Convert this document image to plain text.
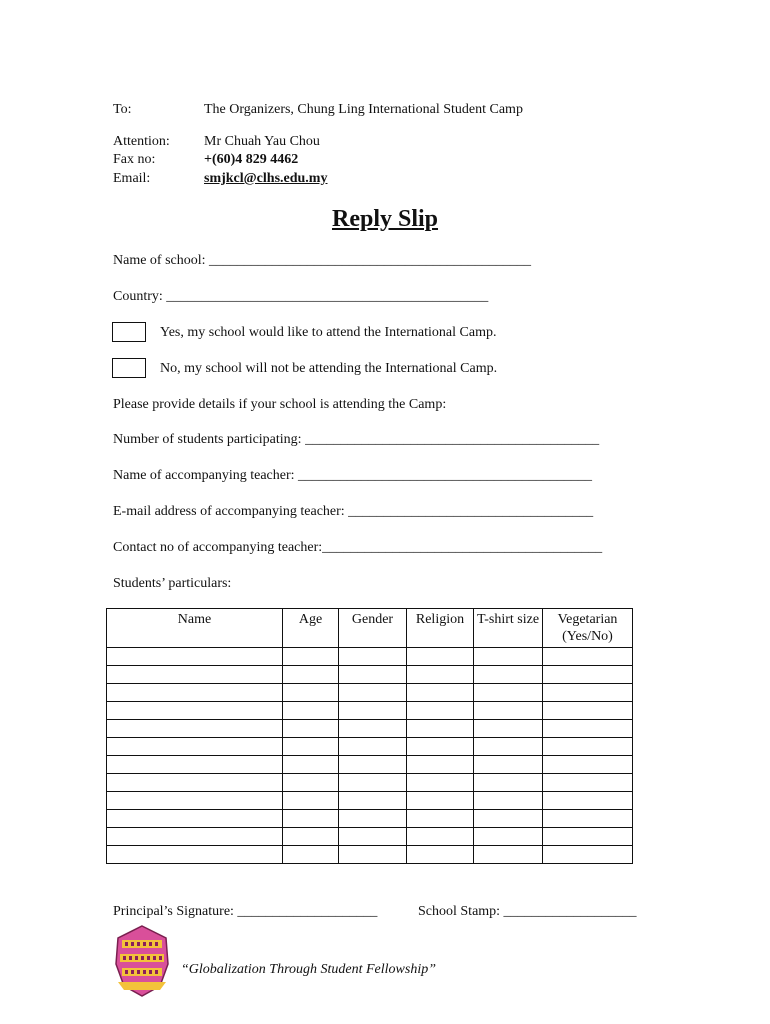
To:	The Organizers, Chung Ling International Student Camp
Attention: Mr Chuah Yau Chou
Fax no:	+(60)4 829 4462
Email:	smjkcl@clhs.edu.my
Reply Slip
Name of school: ______________________________________________
Country: ______________________________________________
Yes, my school would like to attend the International Camp.
No, my school will not be attending the International Camp.
Please provide details if your school is attending the Camp:
Number of students participating: __________________________________________
Name of accompanying teacher: __________________________________________
E-mail address of accompanying teacher: ___________________________________
Contact no of accompanying teacher:________________________________________
Students’ particulars:
Name	Age	Gender	Religion	T-shirt size	Vegetarian (Yes/No)

Principal’s Signature: ____________________	School Stamp: ___________________
“Globalization Through Student Fellowship”
